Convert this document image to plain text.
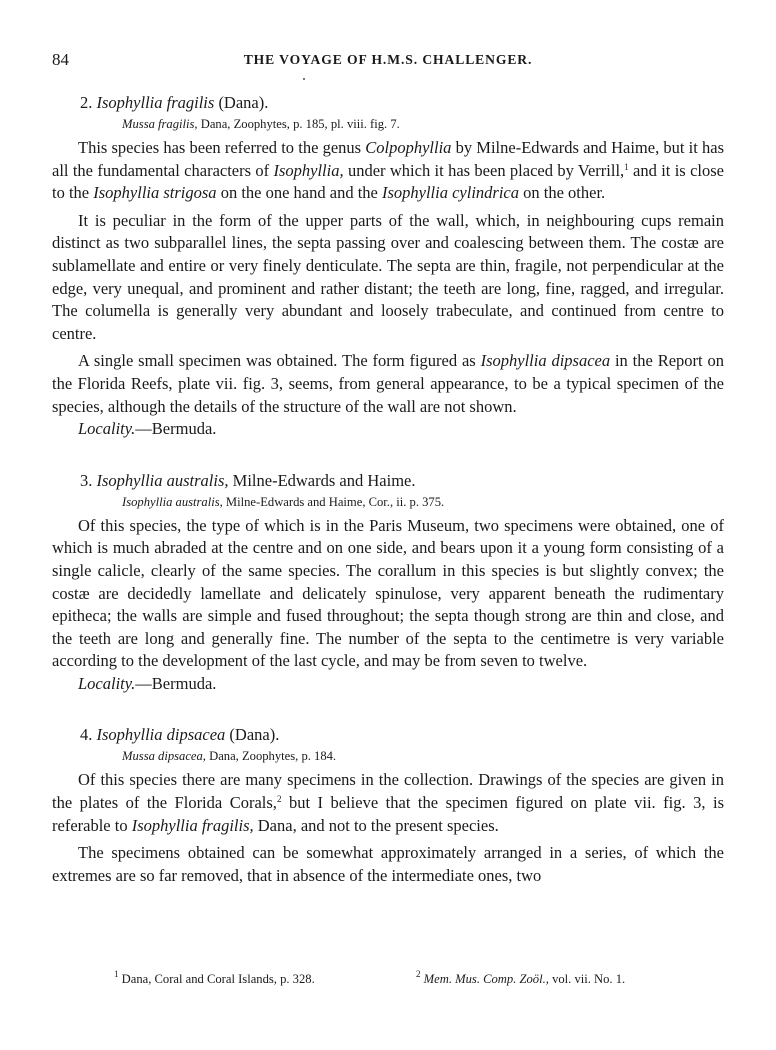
84	THE VOYAGE OF H.M.S. CHALLENGER.

2. Isophyllia fragilis (Dana).

Mussa fragilis, Dana, Zoophytes, p. 185, pl. viii. fig. 7.

This species has been referred to the genus Colpophyllia by Milne-Edwards and Haime, but it has all the fundamental characters of Isophyllia, under which it has been placed by Verrill,$^1$ and it is close to the Isophyllia strigosa on the one hand and the Isophyllia cylindrica on the other.

It is peculiar in the form of the upper parts of the wall, which, in neighbouring cups remain distinct as two subparallel lines, the septa passing over and coalescing between them. The costæ are sublamellate and entire or very finely denticulate. The septa are thin, fragile, not perpendicular at the edge, very unequal, and prominent and rather distant; the teeth are long, fine, ragged, and irregular. The columella is generally very abundant and loosely trabeculate, and continued from centre to centre.

A single small specimen was obtained. The form figured as Isophyllia dipsacea in the Report on the Florida Reefs, plate vii. fig. 3, seems, from general appearance, to be a typical specimen of the species, although the details of the structure of the wall are not shown.

Locality.—Bermuda.

3. Isophyllia australis, Milne-Edwards and Haime.

Isophyllia australis, Milne-Edwards and Haime, Cor., ii. p. 375.

Of this species, the type of which is in the Paris Museum, two specimens were obtained, one of which is much abraded at the centre and on one side, and bears upon it a young form consisting of a single calicle, clearly of the same species. The corallum in this species is but slightly convex; the costæ are decidedly lamellate and delicately spinulose, very apparent beneath the rudimentary epitheca; the walls are simple and fused throughout; the septa though strong are thin and close, and the teeth are long and generally fine. The number of the septa to the centimetre is very variable according to the development of the last cycle, and may be from seven to twelve.

Locality.—Bermuda.

4. Isophyllia dipsacea (Dana).

Mussa dipsacea, Dana, Zoophytes, p. 184.

Of this species there are many specimens in the collection. Drawings of the species are given in the plates of the Florida Corals,$^2$ but I believe that the specimen figured on plate vii. fig. 3, is referable to Isophyllia fragilis, Dana, and not to the present species.

The specimens obtained can be somewhat approximately arranged in a series, of which the extremes are so far removed, that in absence of the intermediate ones, two

$^1$ Dana, Coral and Coral Islands, p. 328.	$^2$ Mem. Mus. Comp. Zoöl., vol. vii. No. 1.
